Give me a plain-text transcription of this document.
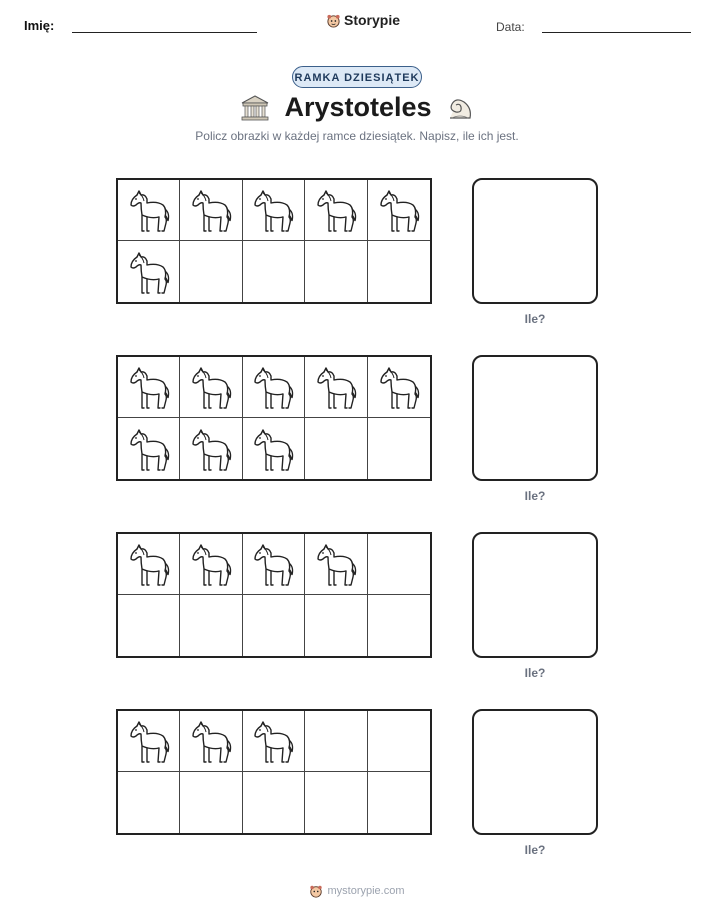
Imię:	Storypie	Data:
RAMKA DZIESIĄTEK
Arystoteles
Policz obrazki w każdej ramce dziesiątek. Napisz, ile ich jest.
Ile?
Ile?
Ile?
Ile?
mystorypie.com
